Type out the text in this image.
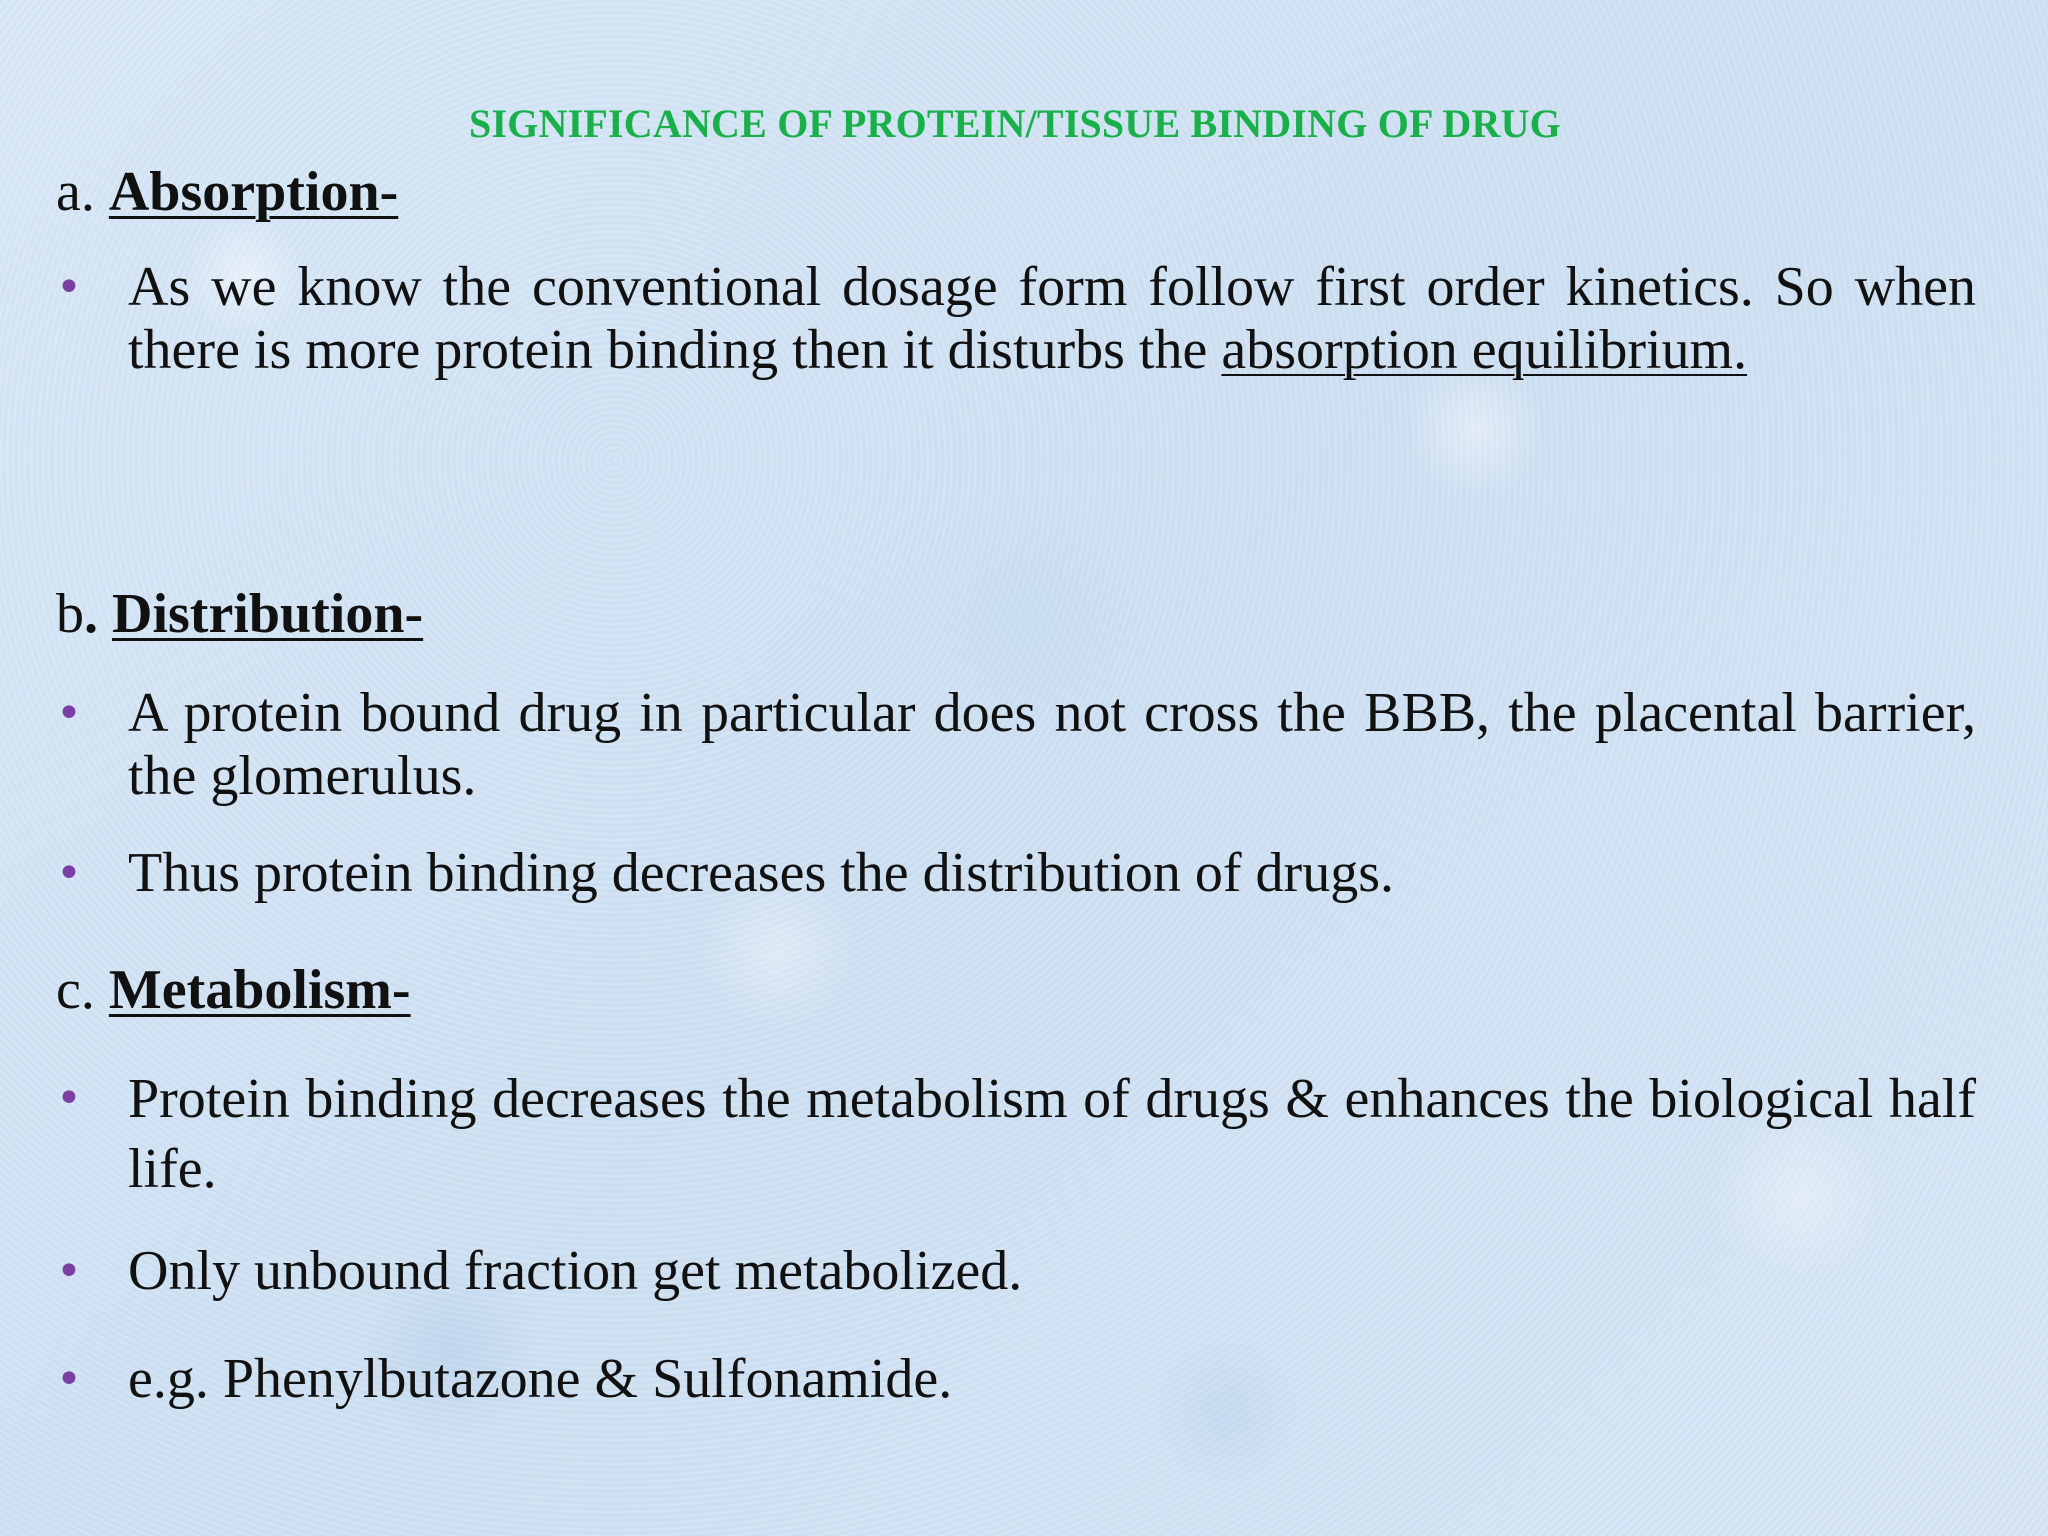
SIGNIFICANCE OF PROTEIN/TISSUE BINDING OF DRUG
a. Absorption-
• As we know the conventional dosage form follow first order kinetics. So when there is more protein binding then it disturbs the absorption equilibrium.
b. Distribution-
• A protein bound drug in particular does not cross the BBB, the placental barrier, the glomerulus.
• Thus protein binding decreases the distribution of drugs.
c. Metabolism-
• Protein binding decreases the metabolism of drugs & enhances the biological half life.
• Only unbound fraction get metabolized.
• e.g. Phenylbutazone & Sulfonamide.
